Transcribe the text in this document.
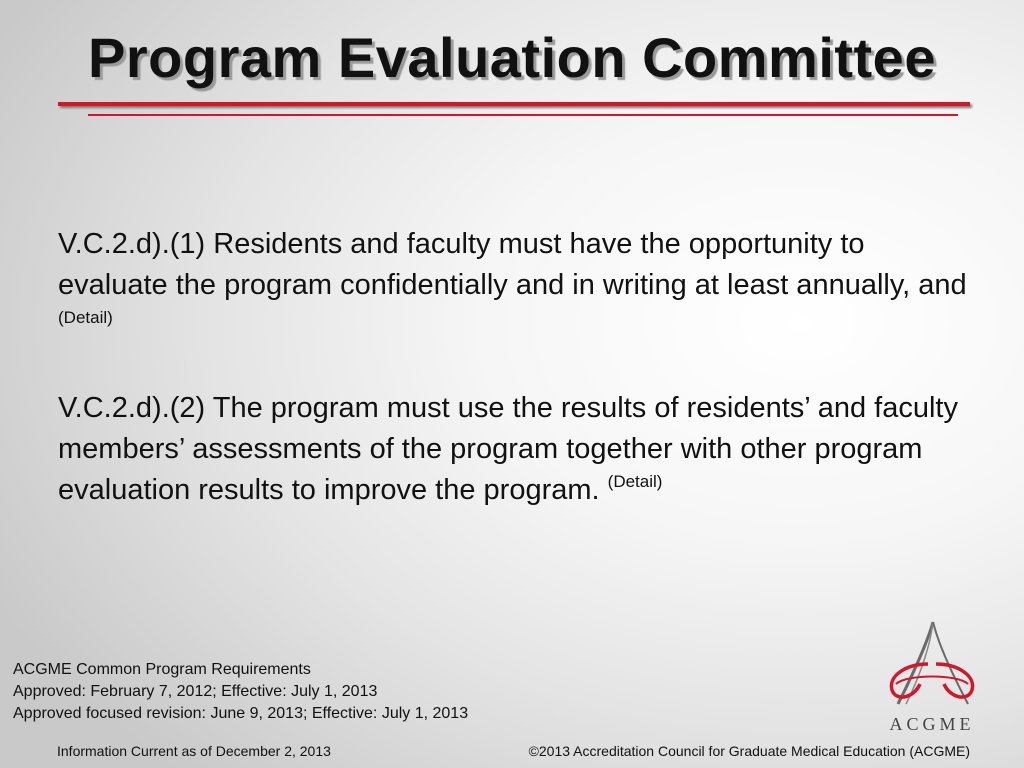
Program Evaluation Committee

V.C.2.d).(1) Residents and faculty must have the opportunity to evaluate the program confidentially and in writing at least annually, and $^{(Detail)}$

V.C.2.d).(2) The program must use the results of residents’ and faculty members’ assessments of the program together with other program evaluation results to improve the program. $^{(Detail)}$

ACGME Common Program Requirements
Approved: February 7, 2012; Effective: July 1, 2013
Approved focused revision: June 9, 2013; Effective: July 1, 2013
Information Current as of December 2, 2013	©2013 Accreditation Council for Graduate Medical Education (ACGME)
ACGME
